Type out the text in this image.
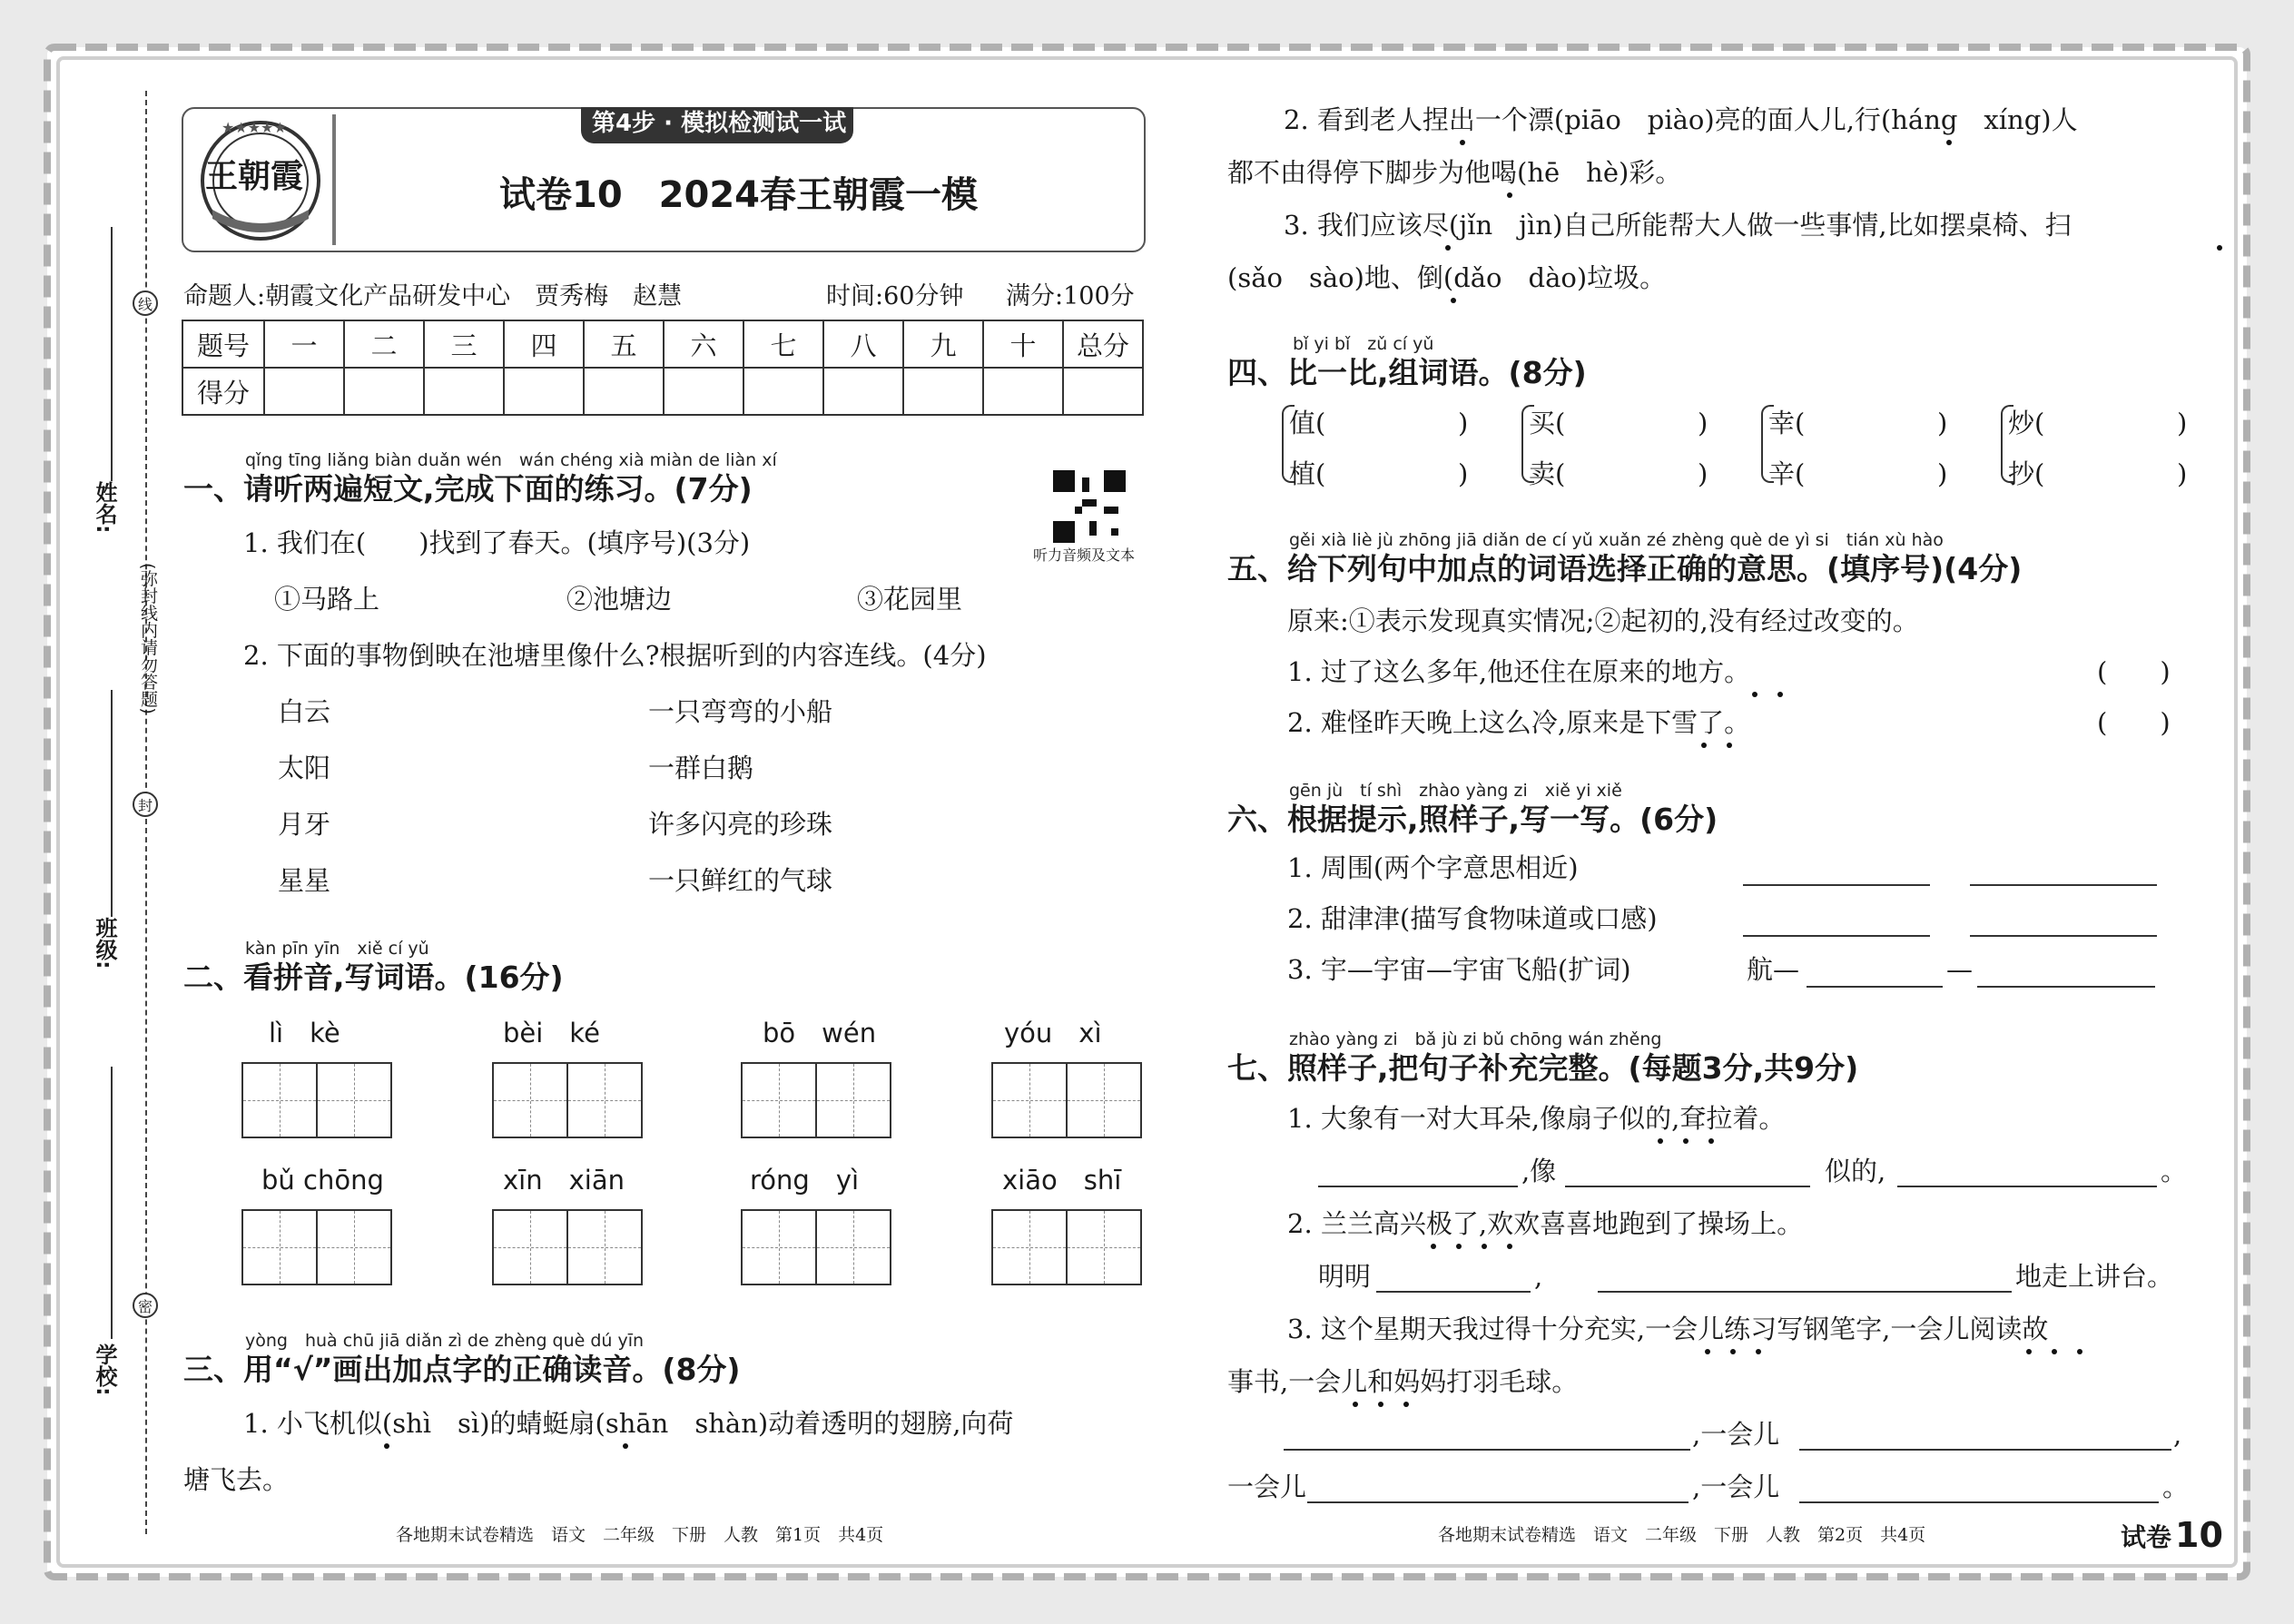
线
封
密
(弥封线内请勿答题)
姓名:
班级:
学校:
第4步 · 模拟检测试一试
★★★★★
王朝霞	试卷10　2024春王朝霞一模
命题人:朝霞文化产品研发中心　贾秀梅　赵慧	时间:60分钟 满分:100分
题号	一	二	三	四	五	六	七	八	九	十	总分
得分											
听力音频及文本
qǐng tīng liǎng biàn duǎn wén　wán chéng xià miàn de liàn xí
一、请听两遍短文,完成下面的练习。(7分)
1. 我们在(　　)找到了春天。(填序号)(3分)
①马路上	②池塘边	③花园里
2. 下面的事物倒映在池塘里像什么?根据听到的内容连线。(4分)
白云
太阳
月牙
星星
一只弯弯的小船
一群白鹅
许多闪亮的珍珠
一只鲜红的气球
kàn pīn yīn　xiě cí yǔ
二、看拼音,写词语。(16分)
lì　kè	bèi　ké	bō　wén	yóu　xì
bǔ chōng	xīn　xiān	róng　yì	xiāo　shī
yòng　huà chū jiā diǎn zì de zhèng què dú yīn
三、用“√”画出加点字的正确读音。(8分)
1. 小飞机似(shì　sì)的蜻蜓扇(shān　shàn)动着透明的翅膀,向荷
塘飞去。
2. 看到老人捏出一个漂(piāo　piào)亮的面人儿,行(háng　xíng)人
都不由得停下脚步为他喝(hē　hè)彩。
3. 我们应该尽(jǐn　jìn)自己所能帮大人做一些事情,比如摆桌椅、扫
(sǎo　sào)地、倒(dǎo　dào)垃圾。
bǐ yi bǐ　zǔ cí yǔ
四、比一比,组词语。(8分)
值(
植(
)
)
买(
卖(
)
)
幸(
辛(
)
)
炒(
抄(
)
)
gěi xià liè jù zhōng jiā diǎn de cí yǔ xuǎn zé zhèng què de yì si　tián xù hào
五、给下列句中加点的词语选择正确的意思。(填序号)(4分)
原来:①表示发现真实情况;②起初的,没有经过改变的。
1. 过了这么多年,他还住在原来的地方。	(　　)
2. 难怪昨天晚上这么冷,原来是下雪了。	(　　)
gēn jù　tí shì　zhào yàng zi　xiě yi xiě
六、根据提示,照样子,写一写。(6分)
1. 周围(两个字意思相近)
2. 甜津津(描写食物味道或口感)
3. 宇—宇宙—宇宙飞船(扩词)	航—	—
zhào yàng zi　bǎ jù zi bǔ chōng wán zhěng
七、照样子,把句子补充完整。(每题3分,共9分)
1. 大象有一对大耳朵,像扇子似的,耷拉着。
,像	似的,	。
2. 兰兰高兴极了,欢欢喜喜地跑到了操场上。
明明	,	地走上讲台。
3. 这个星期天我过得十分充实,一会儿练习写钢笔字,一会儿阅读故
事书,一会儿和妈妈打羽毛球。
,一会儿	,
一会儿	,一会儿	。
各地期末试卷精选　语文　二年级　下册　人教　第1页　共4页	各地期末试卷精选　语文　二年级　下册　人教　第2页　共4页	试卷 10
